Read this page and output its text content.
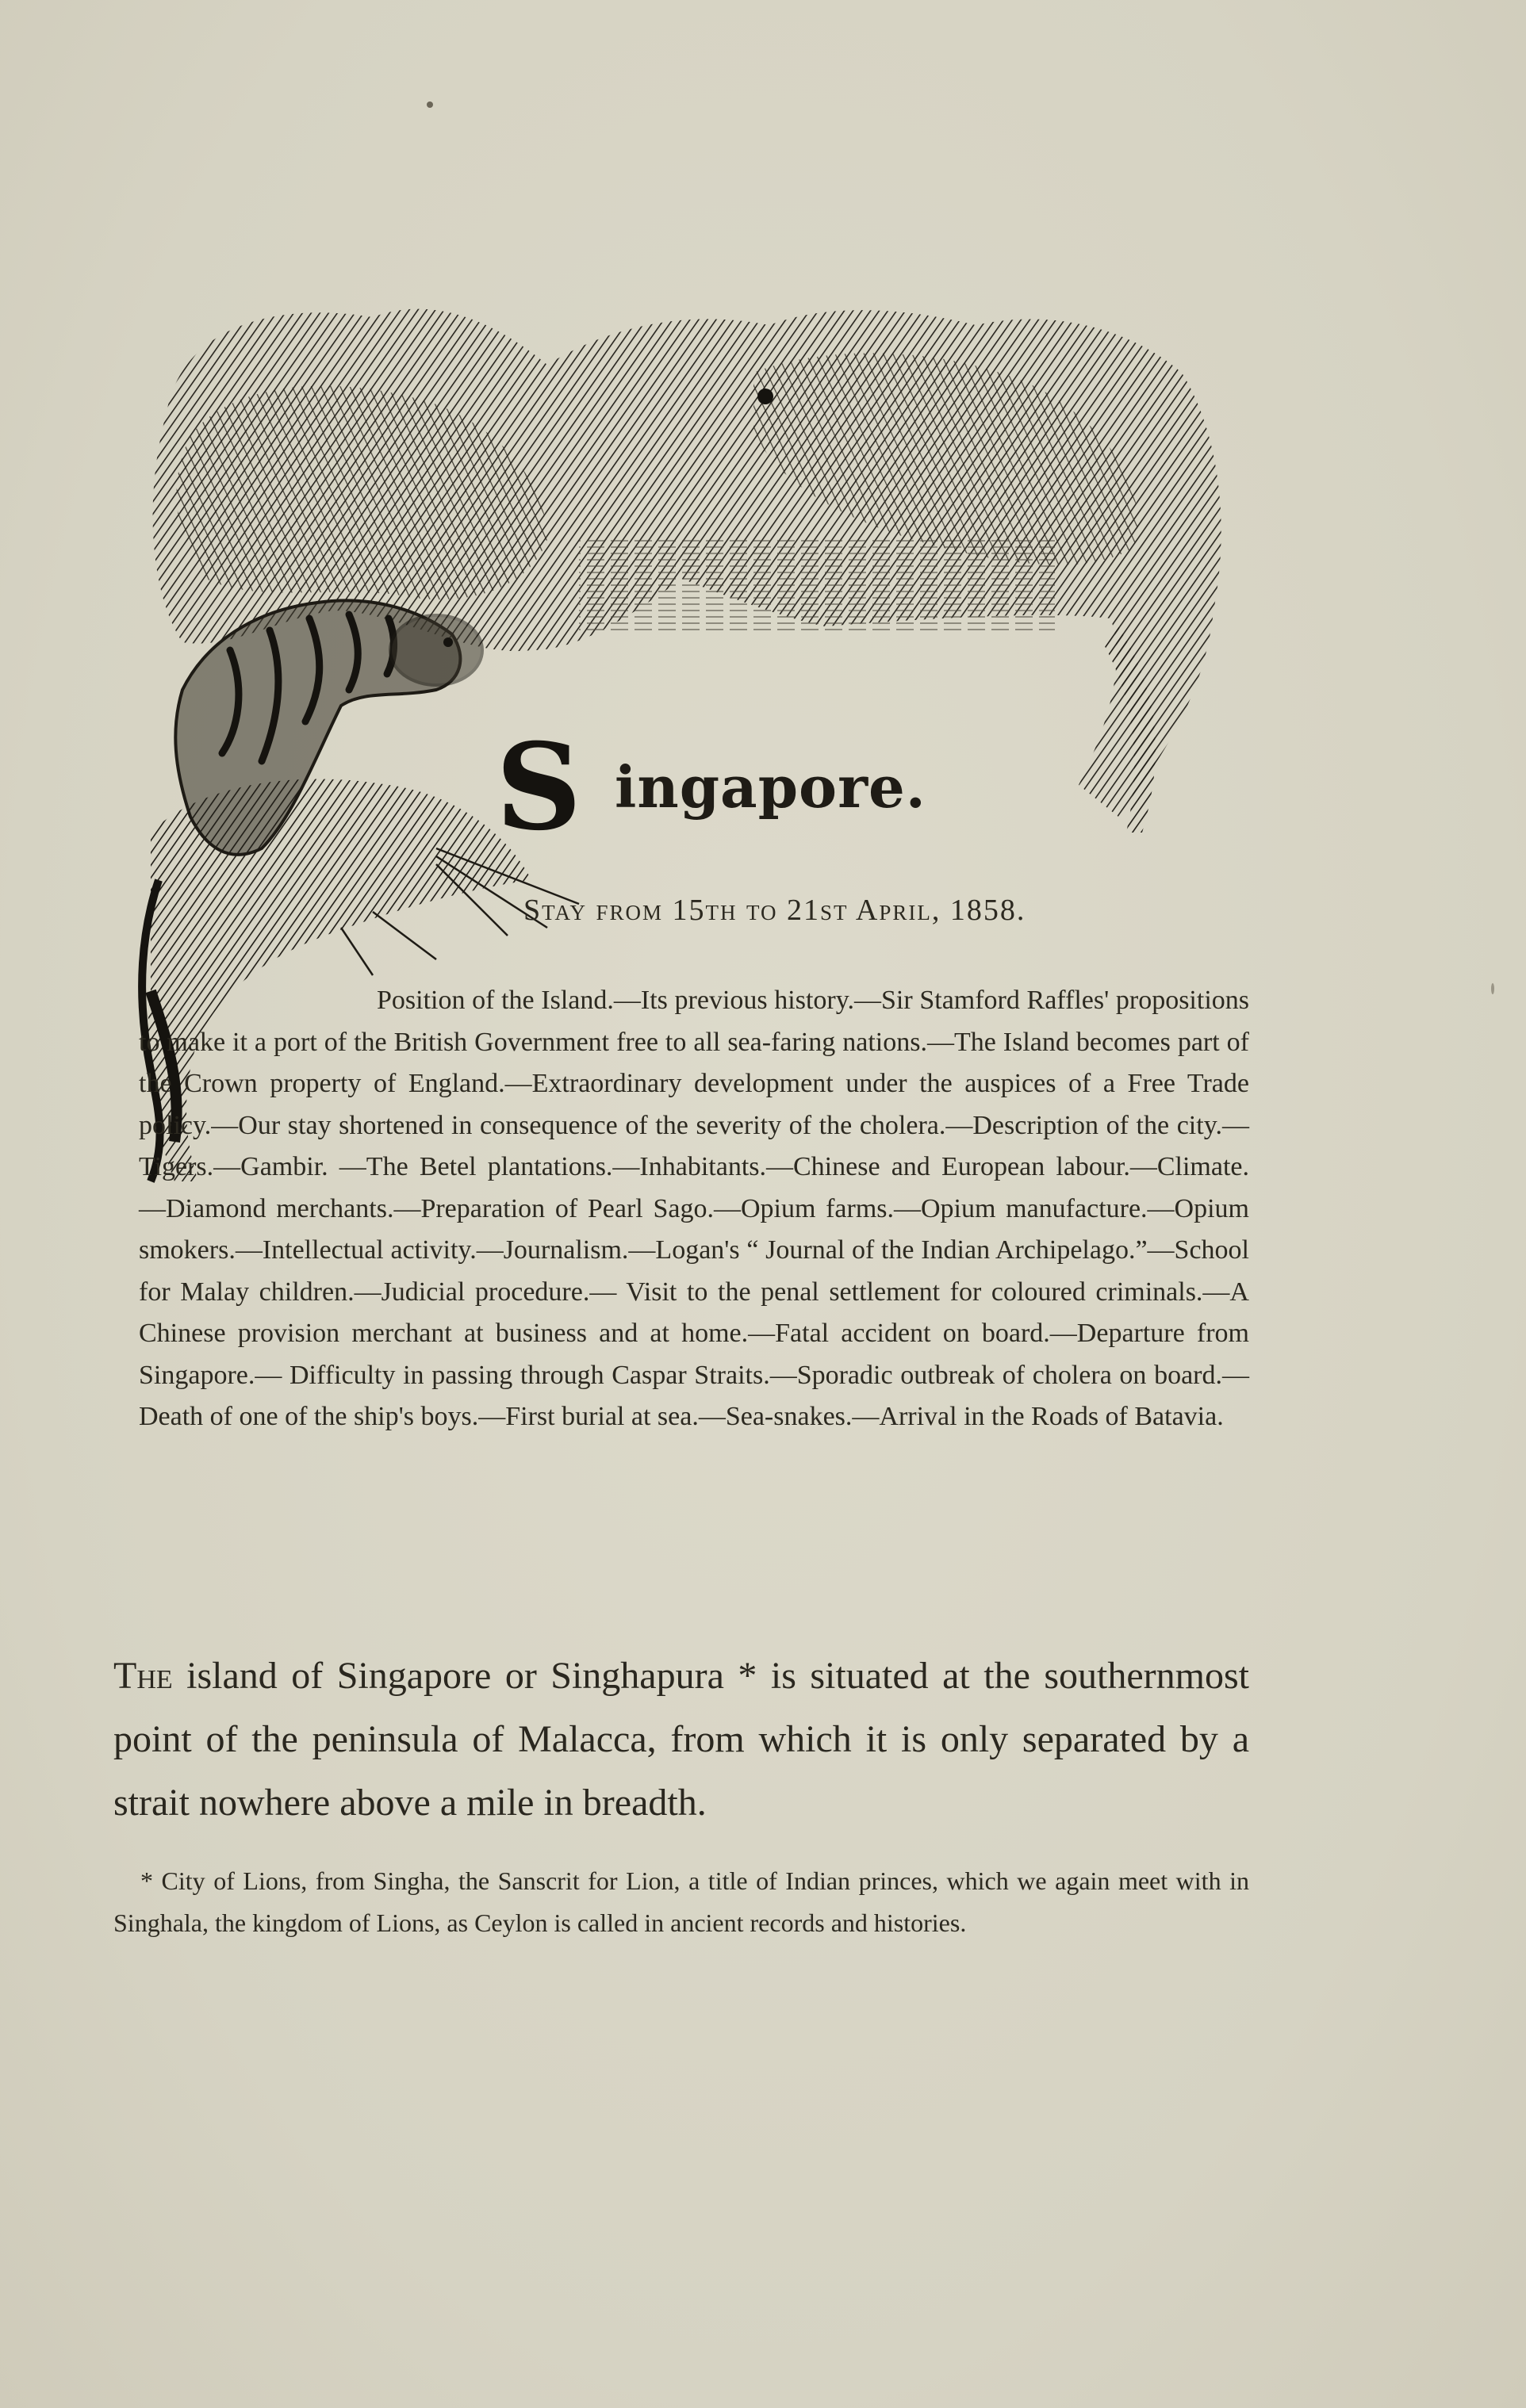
S ingapore.
Stay from 15th to 21st April, 1858.

Position of the Island.—Its previous history.—Sir Stamford Raffles' propositions to make it a port of the British Government free to all sea-faring nations.—The Island becomes part of the Crown property of England.—Extraordinary development under the auspices of a Free Trade policy.—Our stay shortened in consequence of the severity of the cholera.—Description of the city.—Tigers.—Gambir. —The Betel plantations.—Inhabitants.—Chinese and European labour.—Climate. —Diamond merchants.—Preparation of Pearl Sago.—Opium farms.—Opium manufacture.—Opium smokers.—Intellectual activity.—Journalism.—Logan's “ Journal of the Indian Archipelago.”—School for Malay children.—Judicial procedure.— Visit to the penal settlement for coloured criminals.—A Chinese provision merchant at business and at home.—Fatal accident on board.—Departure from Singapore.— Difficulty in passing through Caspar Straits.—Sporadic outbreak of cholera on board.—Death of one of the ship's boys.—First burial at sea.—Sea-snakes.—Arrival in the Roads of Batavia.

The island of Singapore or Singhapura * is situated at the southernmost point of the peninsula of Malacca, from which it is only separated by a strait nowhere above a mile in breadth.

* City of Lions, from Singha, the Sanscrit for Lion, a title of Indian princes, which we again meet with in Singhala, the kingdom of Lions, as Ceylon is called in ancient records and histories.
